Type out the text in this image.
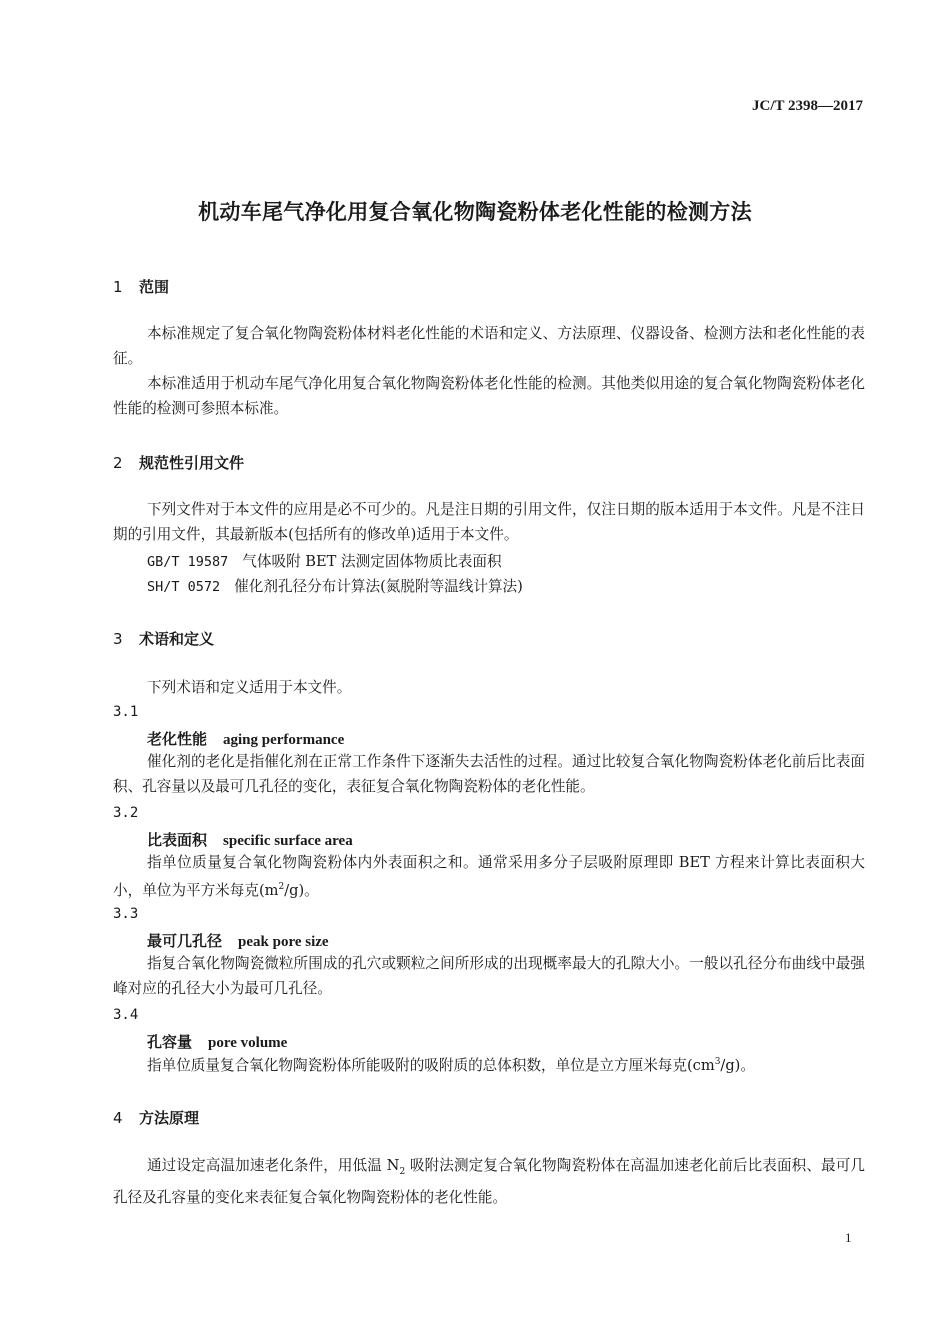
JC/T 2398—2017
机动车尾气净化用复合氧化物陶瓷粉体老化性能的检测方法
1 范围

本标准规定了复合氧化物陶瓷粉体材料老化性能的术语和定义、方法原理、仪器设备、检测方法和老化性能的表征。

本标准适用于机动车尾气净化用复合氧化物陶瓷粉体老化性能的检测。其他类似用途的复合氧化物陶瓷粉体老化性能的检测可参照本标准。

2 规范性引用文件

下列文件对于本文件的应用是必不可少的。凡是注日期的引用文件，仅注日期的版本适用于本文件。凡是不注日期的引用文件，其最新版本(包括所有的修改单)适用于本文件。

GB/T 19587 气体吸附 BET 法测定固体物质比表面积
SH/T 0572 催化剂孔径分布计算法(氮脱附等温线计算法)
3 术语和定义
下列术语和定义适用于本文件。
3.1
老化性能 aging performance

催化剂的老化是指催化剂在正常工作条件下逐渐失去活性的过程。通过比较复合氧化物陶瓷粉体老化前后比表面积、孔容量以及最可几孔径的变化，表征复合氧化物陶瓷粉体的老化性能。

3.2
比表面积 specific surface area

指单位质量复合氧化物陶瓷粉体内外表面积之和。通常采用多分子层吸附原理即 BET 方程来计算比表面积大小，单位为平方米每克$(m^2/g)$。

3.3
最可几孔径 peak pore size

指复合氧化物陶瓷微粒所围成的孔穴或颗粒之间所形成的出现概率最大的孔隙大小。一般以孔径分布曲线中最强峰对应的孔径大小为最可几孔径。

3.4
孔容量 pore volume

指单位质量复合氧化物陶瓷粉体所能吸附的吸附质的总体积数，单位是立方厘米每克$(cm^3/g)$。

4 方法原理

通过设定高温加速老化条件，用低温 $N_2$ 吸附法测定复合氧化物陶瓷粉体在高温加速老化前后比表面积、最可几孔径及孔容量的变化来表征复合氧化物陶瓷粉体的老化性能。

1
